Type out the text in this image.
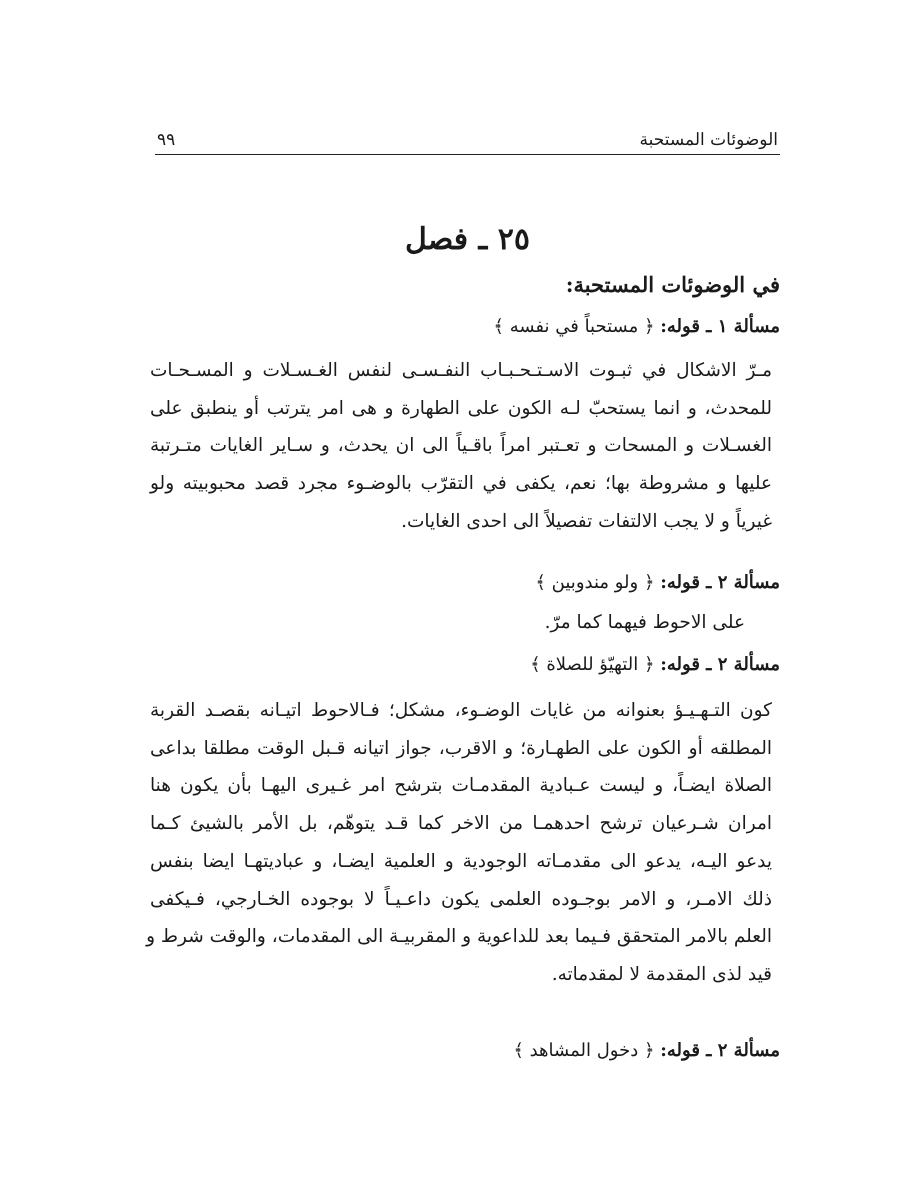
الوضوئات المستحبة
٩٩
٢٥ ـ فصل
في الوضوئات المستحبة:
مسألة ١ ـ قوله: ﴿ مستحباً في نفسه ﴾
مـرّ الاشكال في ثبـوت الاسـتـحـبـاب النفـسـى لنفس الغـسـلات و المسـحـات
للمحدث، و انما يستحبّ لـه الكون على الطهارة و هى امر يترتب أو ينطبق على
الغسـلات و المسحات و تعـتبر امراً باقـياً الى ان يحدث، و سـاير الغايات متـرتبة
عليها و مشروطة بها؛ نعم، يكفى في التقرّب بالوضـوء مجرد قصد محبوبيته ولو
غيرياً و لا يجب الالتفات تفصيلاً الى احدى الغايات.
مسألة ٢ ـ قوله: ﴿ ولو مندوبين ﴾
على الاحوط فيهما كما مرّ.
مسألة ٢ ـ قوله: ﴿ التهيّؤ للصلاة ﴾
كون التـهـيـؤ بعنوانه من غايات الوضـوء، مشكل؛ فـالاحوط اتيـانه بقصـد القربة
المطلقه أو الكون على الطهـارة؛ و الاقرب، جواز اتيانه قـبل الوقت مطلقا بداعى
الصلاة ايضـاً، و ليست عـبادية المقدمـات بترشح امر غـيرى اليهـا بأن يكون هنا
امران شـرعيان ترشح احدهمـا من الاخر كما قـد يتوهّم، بل الأمر بالشيئ كـما
يدعو اليـه، يدعو الى مقدمـاته الوجودية و العلمية ايضـا، و عباديتهـا ايضا بنفس
ذلك الامـر، و الامر بوجـوده العلمى يكون داعـيـاً لا بوجوده الخـارجي، فـيكفى
العلم بالامر المتحقق فـيما بعد للداعوية و المقربيـة الى المقدمات، والوقت شرط و
قيد لذى المقدمة لا لمقدماته.
مسألة ٢ ـ قوله: ﴿ دخول المشاهد ﴾
